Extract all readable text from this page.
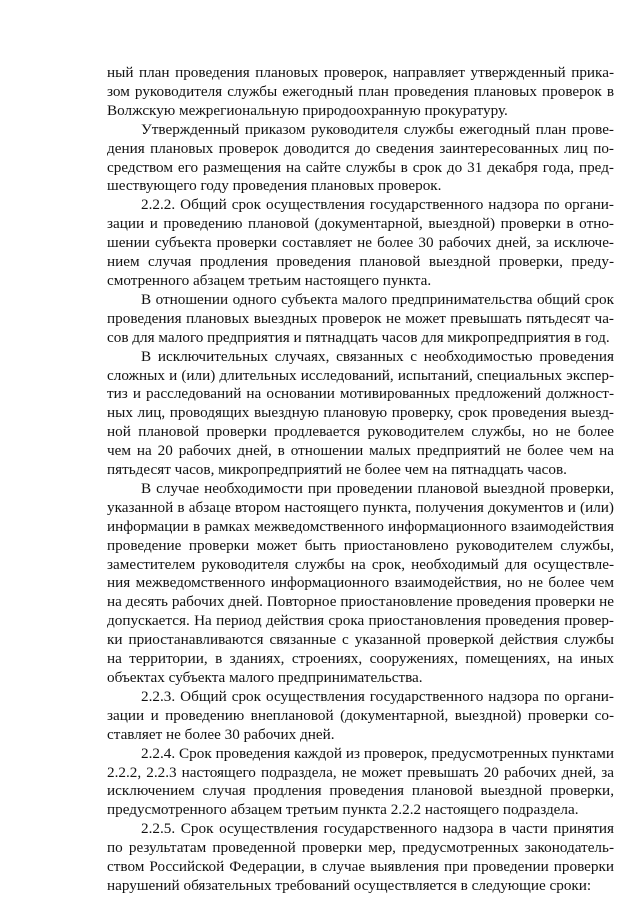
ный план проведения плановых проверок, направляет утвержденный прика-
зом руководителя службы ежегодный план проведения плановых проверок в
Волжскую межрегиональную природоохранную прокуратуру.

Утвержденный приказом руководителя службы ежегодный план прове-
дения плановых проверок доводится до сведения заинтересованных лиц по-
средством его размещения на сайте службы в срок до 31 декабря года, пред-
шествующего году проведения плановых проверок.

2.2.2. Общий срок осуществления государственного надзора по органи-
зации и проведению плановой (документарной, выездной) проверки в отно-
шении субъекта проверки составляет не более 30 рабочих дней, за исключе-
нием случая продления проведения плановой выездной проверки, преду-
смотренного абзацем третьим настоящего пункта.

В отношении одного субъекта малого предпринимательства общий срок
проведения плановых выездных проверок не может превышать пятьдесят ча-
сов для малого предприятия и пятнадцать часов для микропредприятия в год.

В исключительных случаях, связанных с необходимостью проведения
сложных и (или) длительных исследований, испытаний, специальных экспер-
тиз и расследований на основании мотивированных предложений должност-
ных лиц, проводящих выездную плановую проверку, срок проведения выезд-
ной плановой проверки продлевается руководителем службы, но не более
чем на 20 рабочих дней, в отношении малых предприятий не более чем на
пятьдесят часов, микропредприятий не более чем на пятнадцать часов.

В случае необходимости при проведении плановой выездной проверки,
указанной в абзаце втором настоящего пункта, получения документов и (или)
информации в рамках межведомственного информационного взаимодействия
проведение проверки может быть приостановлено руководителем службы,
заместителем руководителя службы на срок, необходимый для осуществле-
ния межведомственного информационного взаимодействия, но не более чем
на десять рабочих дней. Повторное приостановление проведения проверки не
допускается. На период действия срока приостановления проведения провер-
ки приостанавливаются связанные с указанной проверкой действия службы
на территории, в зданиях, строениях, сооружениях, помещениях, на иных
объектах субъекта малого предпринимательства.

2.2.3. Общий срок осуществления государственного надзора по органи-
зации и проведению внеплановой (документарной, выездной) проверки со-
ставляет не более 30 рабочих дней.

2.2.4. Срок проведения каждой из проверок, предусмотренных пунктами
2.2.2, 2.2.3 настоящего подраздела, не может превышать 20 рабочих дней, за
исключением случая продления проведения плановой выездной проверки,
предусмотренного абзацем третьим пункта 2.2.2 настоящего подраздела.

2.2.5. Срок осуществления государственного надзора в части принятия
по результатам проведенной проверки мер, предусмотренных законодатель-
ством Российской Федерации, в случае выявления при проведении проверки
нарушений обязательных требований осуществляется в следующие сроки:
